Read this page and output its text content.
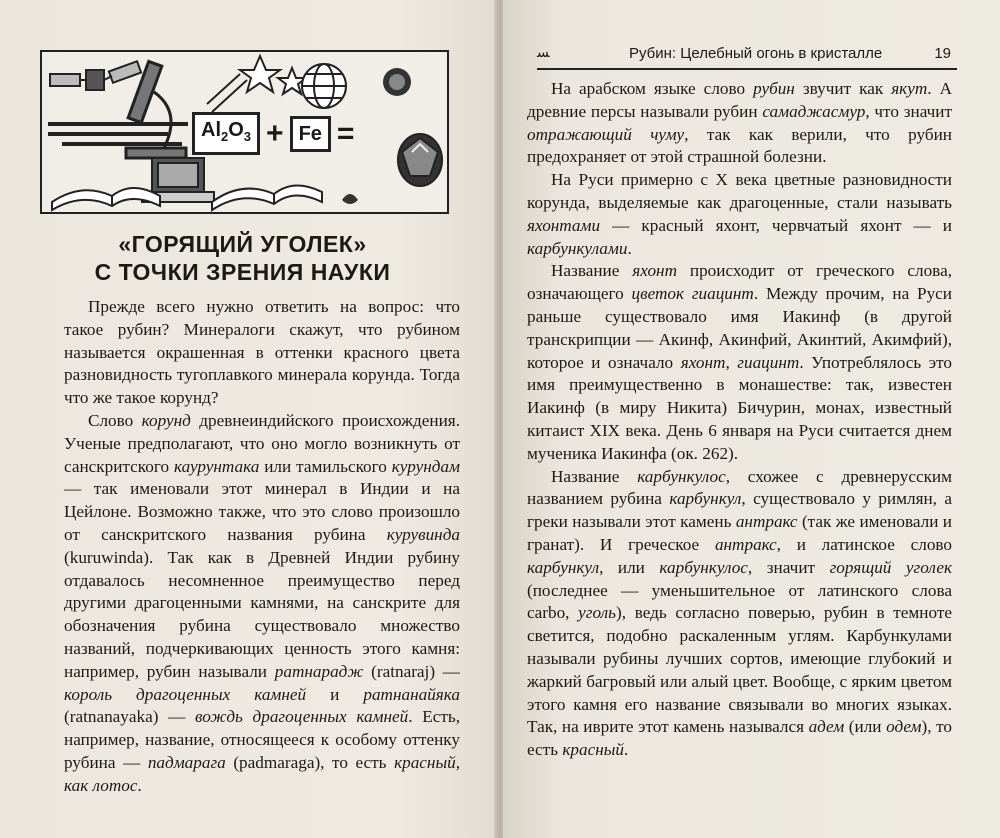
$Al_2O_3 + Fe$ =
«ГОРЯЩИЙ УГОЛЕК»
С ТОЧКИ ЗРЕНИЯ НАУКИ

Прежде всего нужно ответить на вопрос: что такое рубин? Минералоги скажут, что рубином называется окрашенная в оттенки красного цвета разновидность тугоплавкого минерала корунда. Тогда что же такое корунд?

Слово корунд древнеиндийского происхождения. Ученые предполагают, что оно могло возникнуть от санскритского каурунтака или тамильского курундам — так именовали этот минерал в Индии и на Цейлоне. Возможно также, что это слово произошло от санскритского названия рубина курувинда (kuruwinda). Так как в Древней Индии рубину отдавалось несомненное преимущество перед другими драгоценными камнями, на санскрите для обозначения рубина существовало множество названий, подчеркивающих ценность этого камня: например, рубин называли ратнарадж (ratnaraj) — король драгоценных камней и ратнанайяка (ratnanayaka) — вождь драгоценных камней. Есть, например, название, относящееся к особому оттенку рубина — падмарага (padmaraga), то есть красный, как лотос.

ﺴ	Рубин: Целебный огонь в кристалле	19

На арабском языке слово рубин звучит как якут. А древние персы называли рубин самаджасмур, что значит отражающий чуму, так как верили, что рубин предохраняет от этой страшной болезни.

На Руси примерно с X века цветные разновидности корунда, выделяемые как драгоценные, стали называть яхонтами — красный яхонт, червчатый яхонт — и карбункулами.

Название яхонт происходит от греческого слова, означающего цветок гиацинт. Между прочим, на Руси раньше существовало имя Иакинф (в другой транскрипции — Акинф, Акинфий, Акинтий, Акимфий), которое и означало яхонт, гиацинт. Употреблялось это имя преимущественно в монашестве: так, известен Иакинф (в миру Никита) Бичурин, монах, известный китаист XIX века. День 6 января на Руси считается днем мученика Иакинфа (ок. 262).

Название карбункулос, схожее с древнерусским названием рубина карбункул, существовало у римлян, а греки называли этот камень антракс (так же именовали и гранат). И греческое антракс, и латинское слово карбункул, или карбункулос, значит горящий уголек (последнее — уменьшительное от латинского слова carbo, уголь), ведь согласно поверью, рубин в темноте светится, подобно раскаленным углям. Карбункулами называли рубины лучших сортов, имеющие глубокий и жаркий багровый или алый цвет. Вообще, с ярким цветом этого камня его название связывали во многих языках. Так, на иврите этот камень назывался адем (или одем), то есть красный.
